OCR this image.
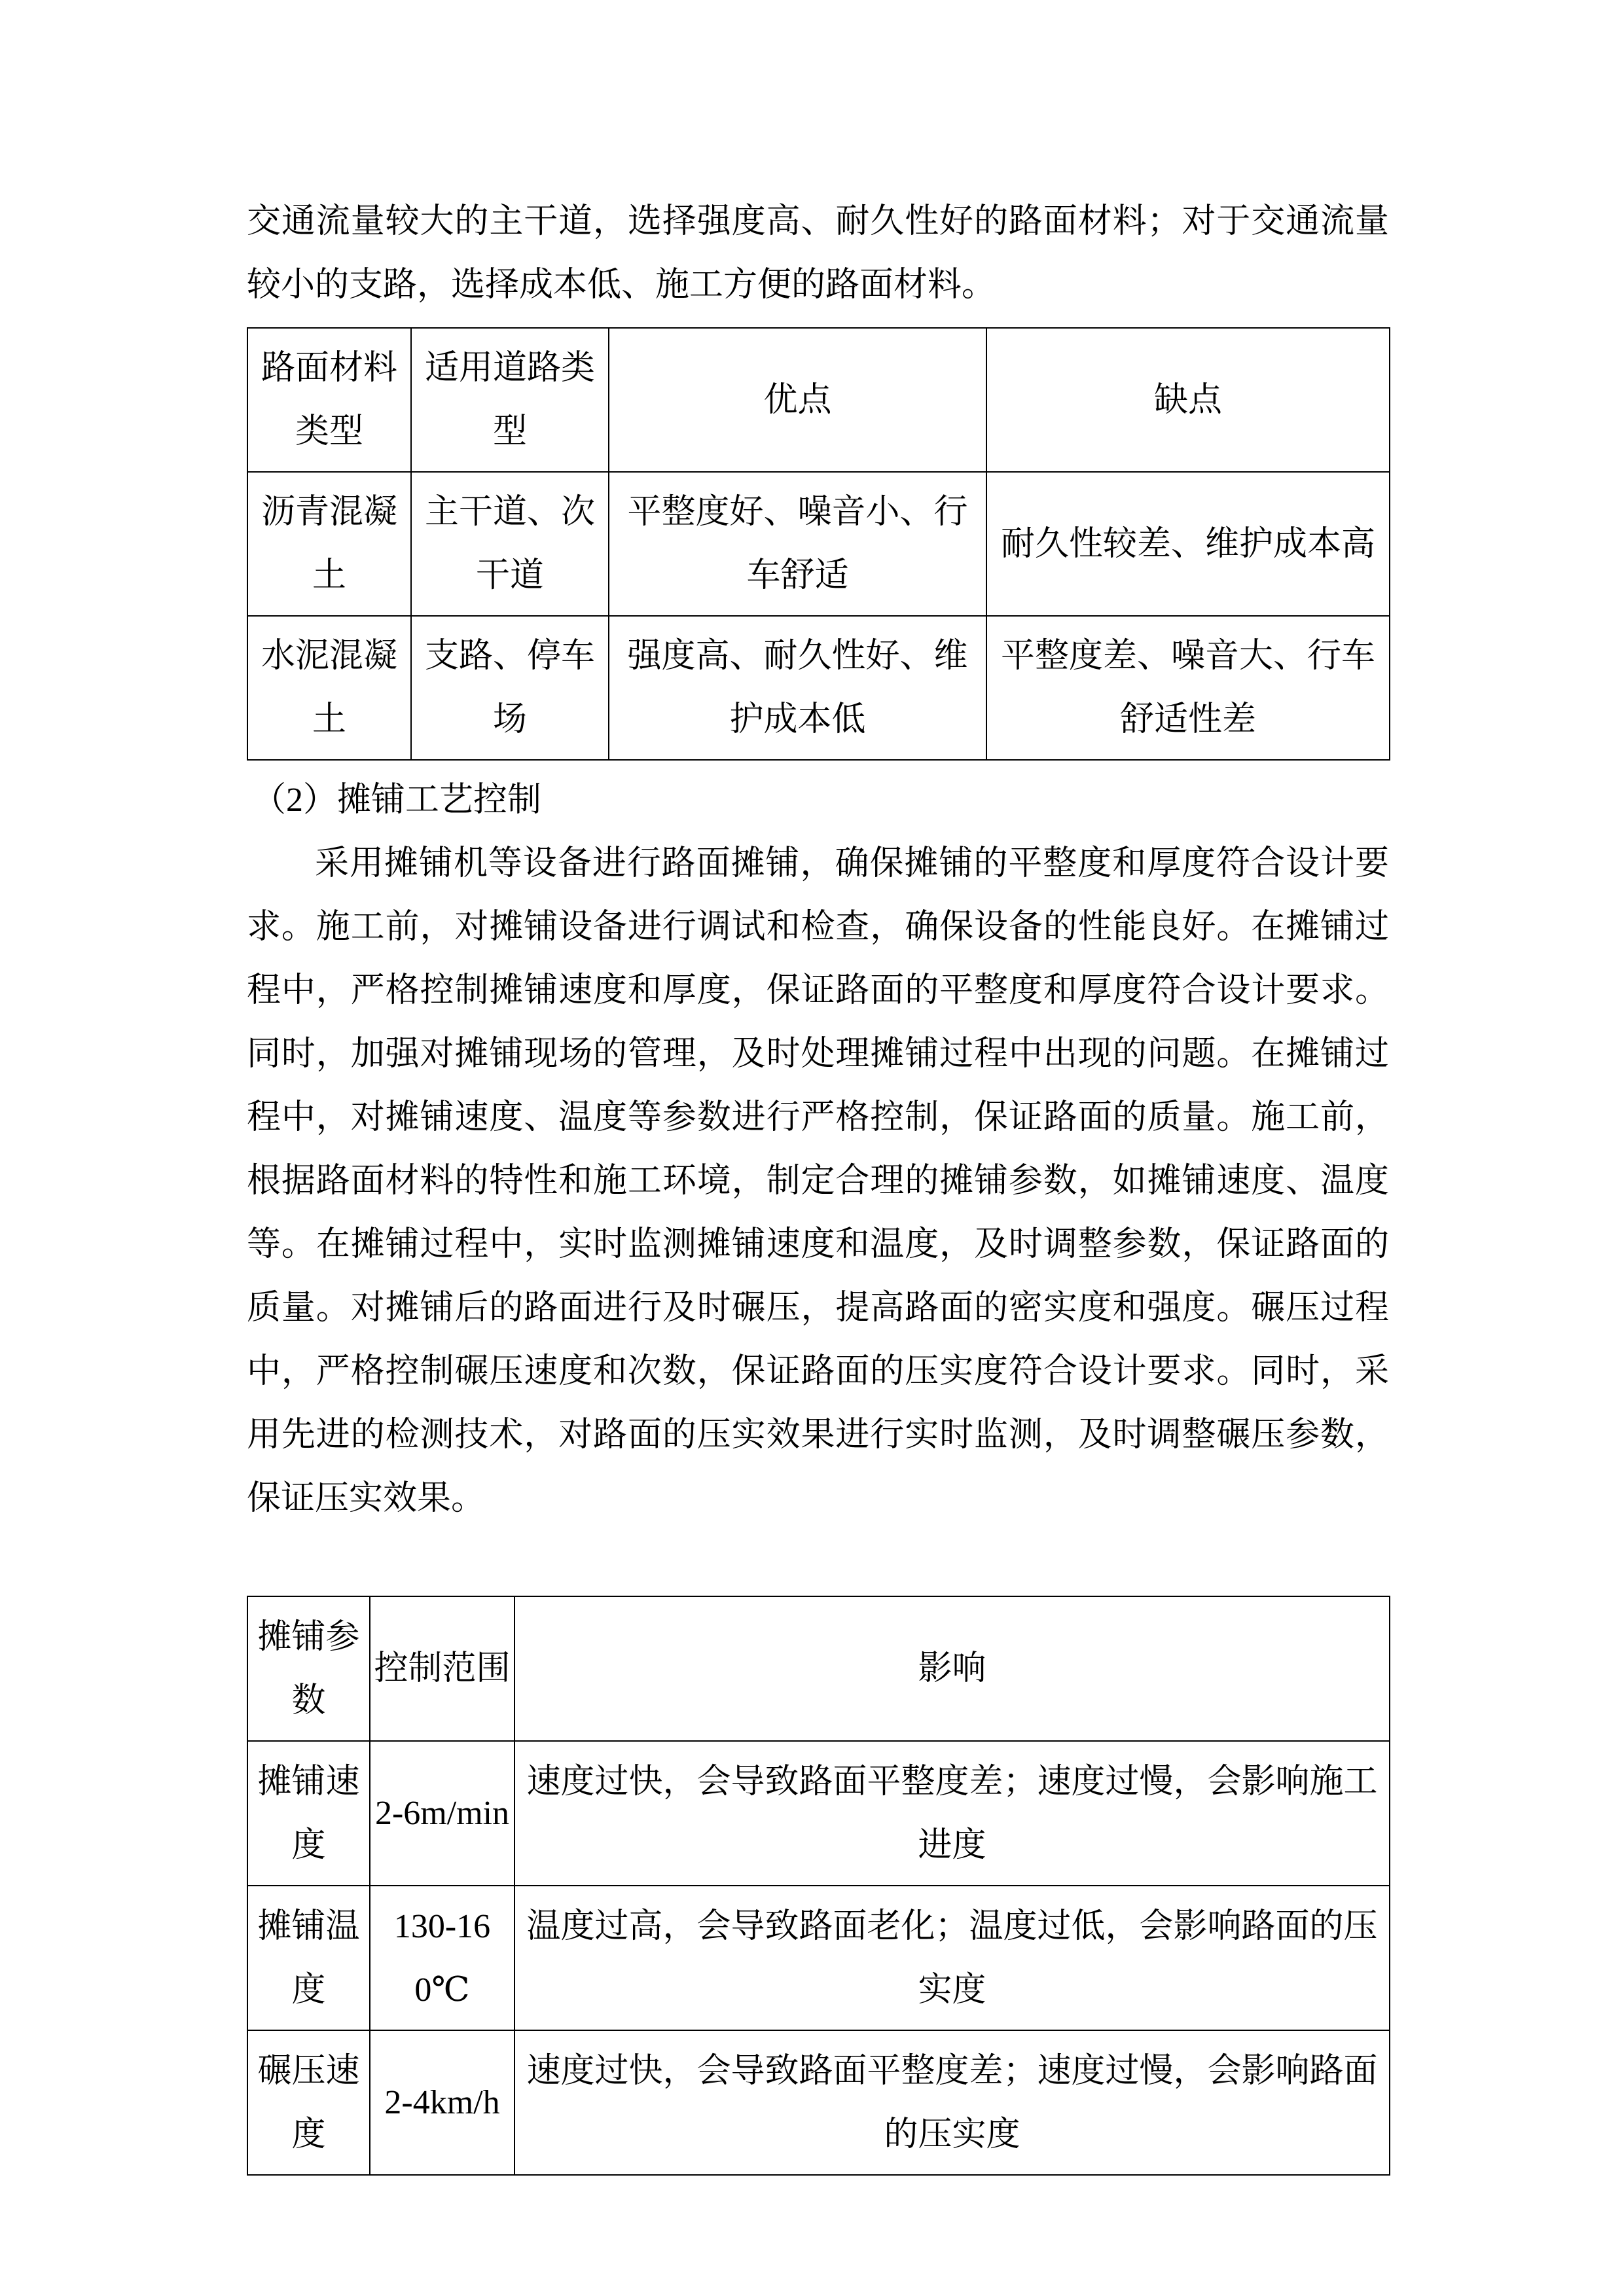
交通流量较大的主干道，选择强度高、耐久性好的路面材料；对于交通流量较小的支路，选择成本低、施工方便的路面材料。
路面材料类型	适用道路类型	优点	缺点
沥青混凝土	主干道、次干道	平整度好、噪音小、行车舒适	耐久性较差、维护成本高
水泥混凝土	支路、停车场	强度高、耐久性好、维护成本低	平整度差、噪音大、行车舒适性差
（2）摊铺工艺控制
采用摊铺机等设备进行路面摊铺，确保摊铺的平整度和厚度符合设计要求。施工前，对摊铺设备进行调试和检查，确保设备的性能良好。在摊铺过程中，严格控制摊铺速度和厚度，保证路面的平整度和厚度符合设计要求。同时，加强对摊铺现场的管理，及时处理摊铺过程中出现的问题。在摊铺过程中，对摊铺速度、温度等参数进行严格控制，保证路面的质量。施工前，根据路面材料的特性和施工环境，制定合理的摊铺参数，如摊铺速度、温度等。在摊铺过程中，实时监测摊铺速度和温度，及时调整参数，保证路面的质量。对摊铺后的路面进行及时碾压，提高路面的密实度和强度。碾压过程中，严格控制碾压速度和次数，保证路面的压实度符合设计要求。同时，采用先进的检测技术，对路面的压实效果进行实时监测，及时调整碾压参数，保证压实效果。
摊铺参数	控制范围	影响
摊铺速度	2-6m/min	速度过快，会导致路面平整度差；速度过慢，会影响施工进度
摊铺温度	130-160℃	温度过高，会导致路面老化；温度过低，会影响路面的压实度
碾压速度	2-4km/h	速度过快，会导致路面平整度差；速度过慢，会影响路面的压实度
